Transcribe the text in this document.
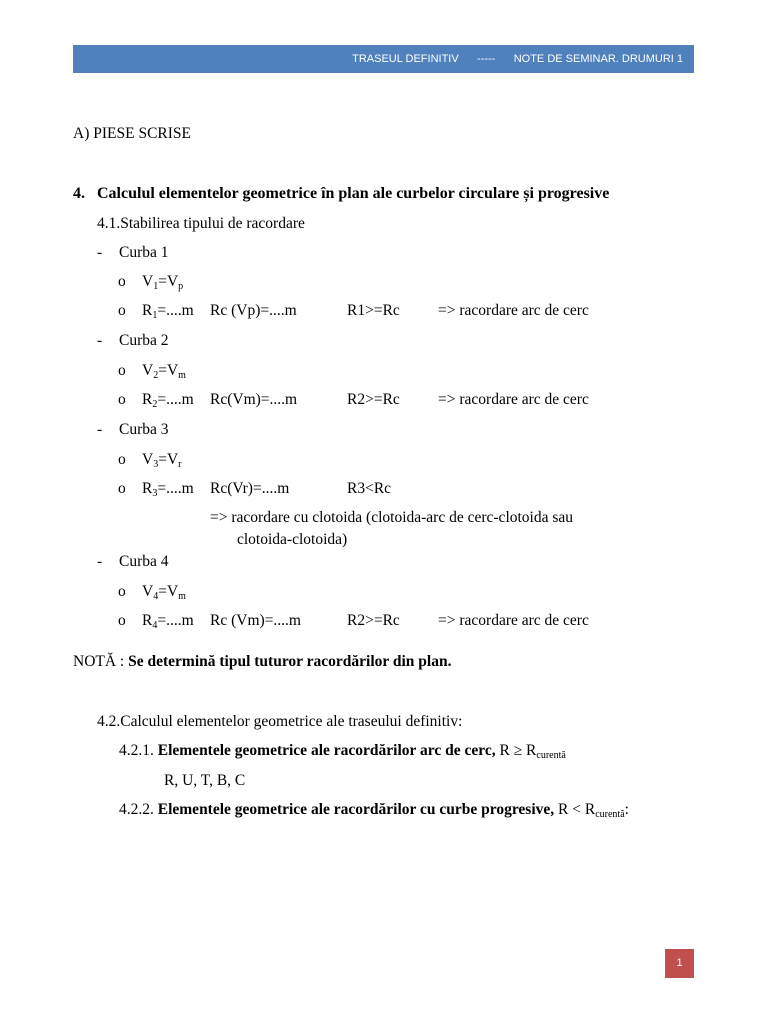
TRASEUL DEFINITIV ----- NOTE DE SEMINAR. DRUMURI 1
A) PIESE SCRISE
4. Calculul elementelor geometrice în plan ale curbelor circulare și progresive
4.1.Stabilirea tipului de racordare
- Curba 1
o $V_1=V_p$
o $R_1=....m$ Rc (Vp)=....m	R1>=Rc => racordare arc de cerc
- Curba 2
o $V_2=V_m$
o $R_2=....m$ Rc(Vm)=....m	R2>=Rc => racordare arc de cerc
- Curba 3
o $V_3=V_r$
o $R_3=....m$ Rc(Vr)=....m	R3<Rc
=> racordare cu clotoida (clotoida-arc de cerc-clotoida sau
clotoida-clotoida)
- Curba 4
o $V_4=V_m$
o $R_4=....m$ Rc (Vm)=....m	R2>=Rc => racordare arc de cerc
NOTĂ : Se determină tipul tuturor racordărilor din plan.
4.2.Calculul elementelor geometrice ale traseului definitiv:
4.2.1. Elementele geometrice ale racordărilor arc de cerc, $R \ge R_{curentă}$
R, U, T, B, C
4.2.2. Elementele geometrice ale racordărilor cu curbe progresive, $R < R_{curentă}$:
1
